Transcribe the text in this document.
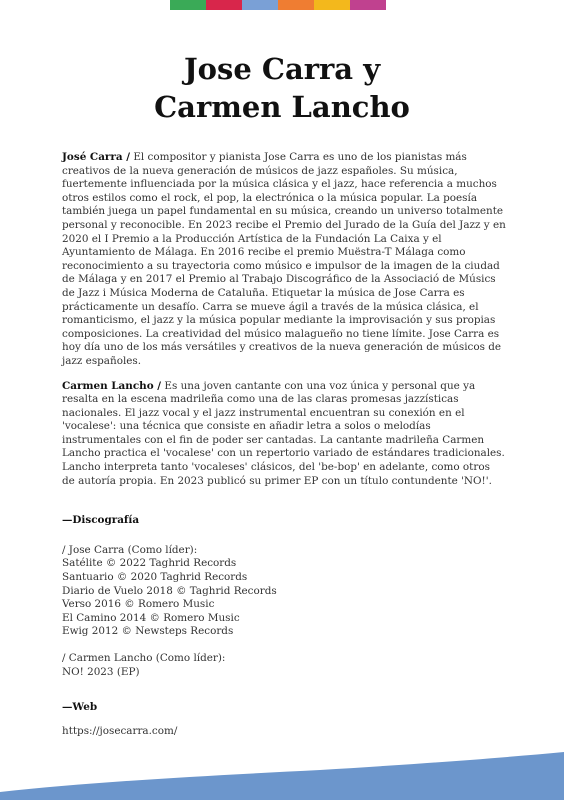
Jose Carra y
Carmen Lancho

José Carra / El compositor y pianista Jose Carra es uno de los pianistas más creativos de la nueva generación de músicos de jazz españoles. Su música, fuertemente influenciada por la música clásica y el jazz, hace referencia a muchos otros estilos como el rock, el pop, la electrónica o la música popular. La poesía también juega un papel fundamental en su música, creando un universo totalmente personal y reconocible. En 2023 recibe el Premio del Jurado de la Guía del Jazz y en 2020 el I Premio a la Producción Artística de la Fundación La Caixa y el Ayuntamiento de Málaga. En 2016 recibe el premio Muëstra-T Málaga como reconocimiento a su trayectoria como músico e impulsor de la imagen de la ciudad de Málaga y en 2017 el Premio al Trabajo Discográfico de la Associació de Músics de Jazz i Música Moderna de Cataluña. Etiquetar la música de Jose Carra es prácticamente un desafío. Carra se mueve ágil a través de la música clásica, el romanticismo, el jazz y la música popular mediante la improvisación y sus propias composiciones. La creatividad del músico malagueño no tiene límite. Jose Carra es hoy día uno de los más versátiles y creativos de la nueva generación de músicos de jazz españoles.

Carmen Lancho / Es una joven cantante con una voz única y personal que ya resalta en la escena madrileña como una de las claras promesas jazzísticas nacionales. El jazz vocal y el jazz instrumental encuentran su conexión en el 'vocalese': una técnica que consiste en añadir letra a solos o melodías instrumentales con el fin de poder ser cantadas. La cantante madrileña Carmen Lancho practica el 'vocalese' con un repertorio variado de estándares tradicionales. Lancho interpreta tanto 'vocaleses' clásicos, del 'be-bop' en adelante, como otros de autoría propia. En 2023 publicó su primer EP con un título contundente 'NO!'.

—Discografía
/ Jose Carra (Como líder):
Satélite © 2022 Taghrid Records
Santuario © 2020 Taghrid Records
Diario de Vuelo 2018 © Taghrid Records
Verso 2016 © Romero Music
El Camino 2014 © Romero Music
Ewig 2012 © Newsteps Records
/ Carmen Lancho (Como líder):
NO! 2023 (EP)
—Web
https://josecarra.com/
